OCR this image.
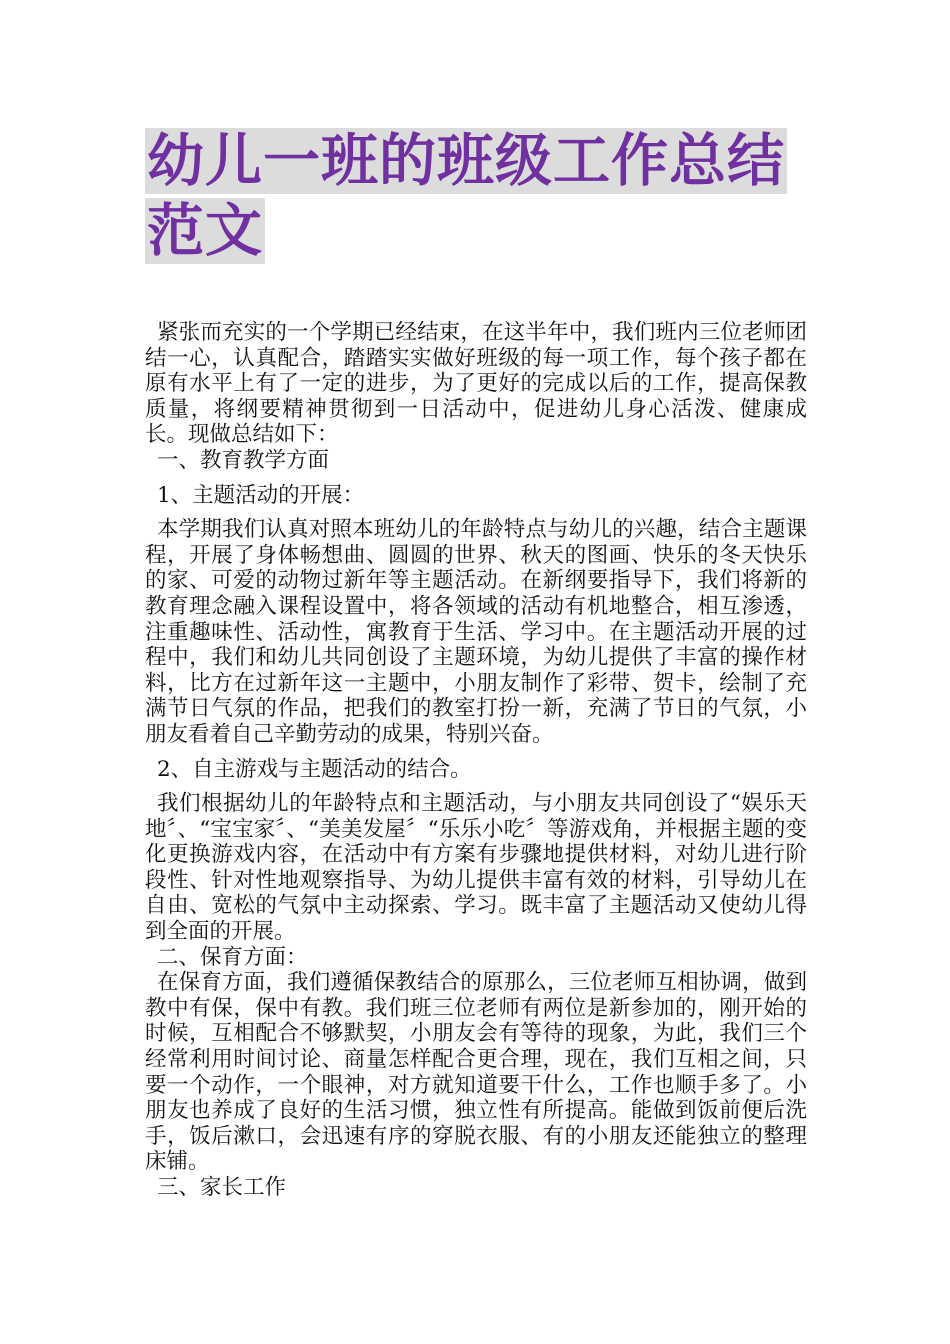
幼儿一班的班级工作总结
范文

紧张而充实的一个学期已经结束，在这半年中，我们班内三位老师团结一心，认真配合，踏踏实实做好班级的每一项工作，每个孩子都在原有水平上有了一定的进步，为了更好的完成以后的工作，提高保教质量，将纲要精神贯彻到一日活动中，促进幼儿身心活泼、健康成长。现做总结如下：

一、教育教学方面

1、主题活动的开展：

本学期我们认真对照本班幼儿的年龄特点与幼儿的兴趣，结合主题课程，开展了身体畅想曲、圆圆的世界、秋天的图画、快乐的冬天快乐的家、可爱的动物过新年等主题活动。在新纲要指导下，我们将新的教育理念融入课程设置中，将各领域的活动有机地整合，相互渗透，注重趣味性、活动性，寓教育于生活、学习中。在主题活动开展的过程中，我们和幼儿共同创设了主题环境，为幼儿提供了丰富的操作材料，比方在过新年这一主题中，小朋友制作了彩带、贺卡，绘制了充满节日气氛的作品，把我们的教室打扮一新，充满了节日的气氛，小朋友看着自己辛勤劳动的成果，特别兴奋。

2、自主游戏与主题活动的结合。

我们根据幼儿的年龄特点和主题活动，与小朋友共同创设了“娱乐天地〞、“宝宝家〞、“美美发屋〞“乐乐小吃〞等游戏角，并根据主题的变化更换游戏内容，在活动中有方案有步骤地提供材料，对幼儿进行阶段性、针对性地观察指导、为幼儿提供丰富有效的材料，引导幼儿在自由、宽松的气氛中主动探索、学习。既丰富了主题活动又使幼儿得到全面的开展。

二、保育方面：

在保育方面，我们遵循保教结合的原那么，三位老师互相协调，做到教中有保，保中有教。我们班三位老师有两位是新参加的，刚开始的时候，互相配合不够默契，小朋友会有等待的现象，为此，我们三个经常利用时间讨论、商量怎样配合更合理，现在，我们互相之间，只要一个动作，一个眼神，对方就知道要干什么，工作也顺手多了。小朋友也养成了良好的生活习惯，独立性有所提高。能做到饭前便后洗手，饭后漱口，会迅速有序的穿脱衣服、有的小朋友还能独立的整理床铺。

三、家长工作
